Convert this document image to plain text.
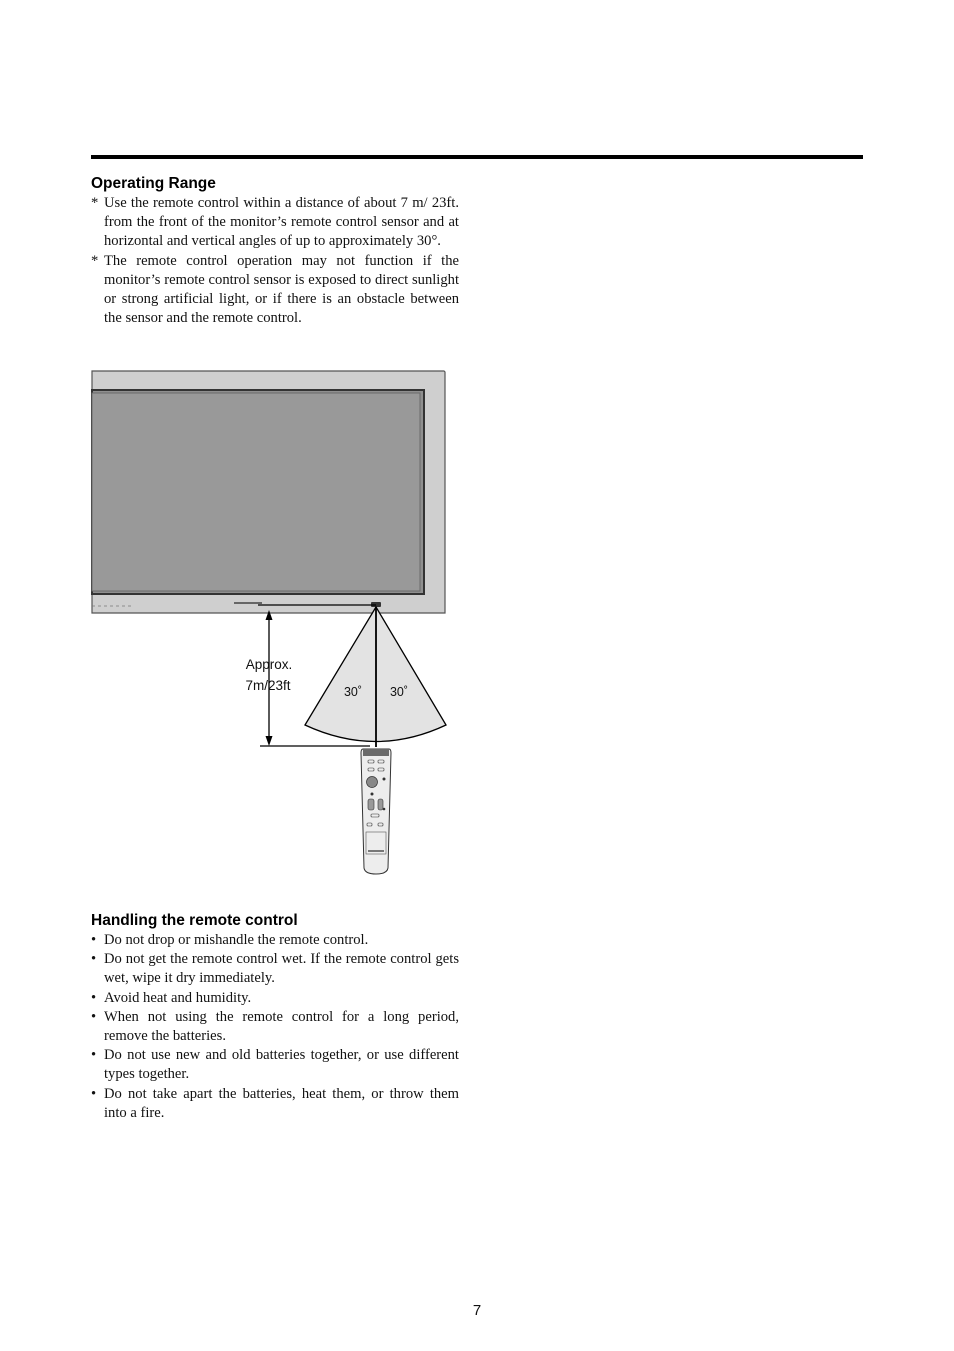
Operating Range
* Use the remote control within a distance of about 7 m/ 23ft. from the front of the monitor’s remote control sensor and at horizontal and vertical angles of up to approximately 30°.
* The remote control operation may not function if the monitor’s remote control sensor is exposed to direct sunlight or strong artificial light, or if there is an obstacle between the sensor and the remote control.
Approx.
7m/23ft	30˚ 30˚
Handling the remote control
• Do not drop or mishandle the remote control.
• Do not get the remote control wet. If the remote control gets wet, wipe it dry immediately.
• Avoid heat and humidity.
• When not using the remote control for a long period, remove the batteries.
• Do not use new and old batteries together, or use different types together.
• Do not take apart the batteries, heat them, or throw them into a fire.
7
